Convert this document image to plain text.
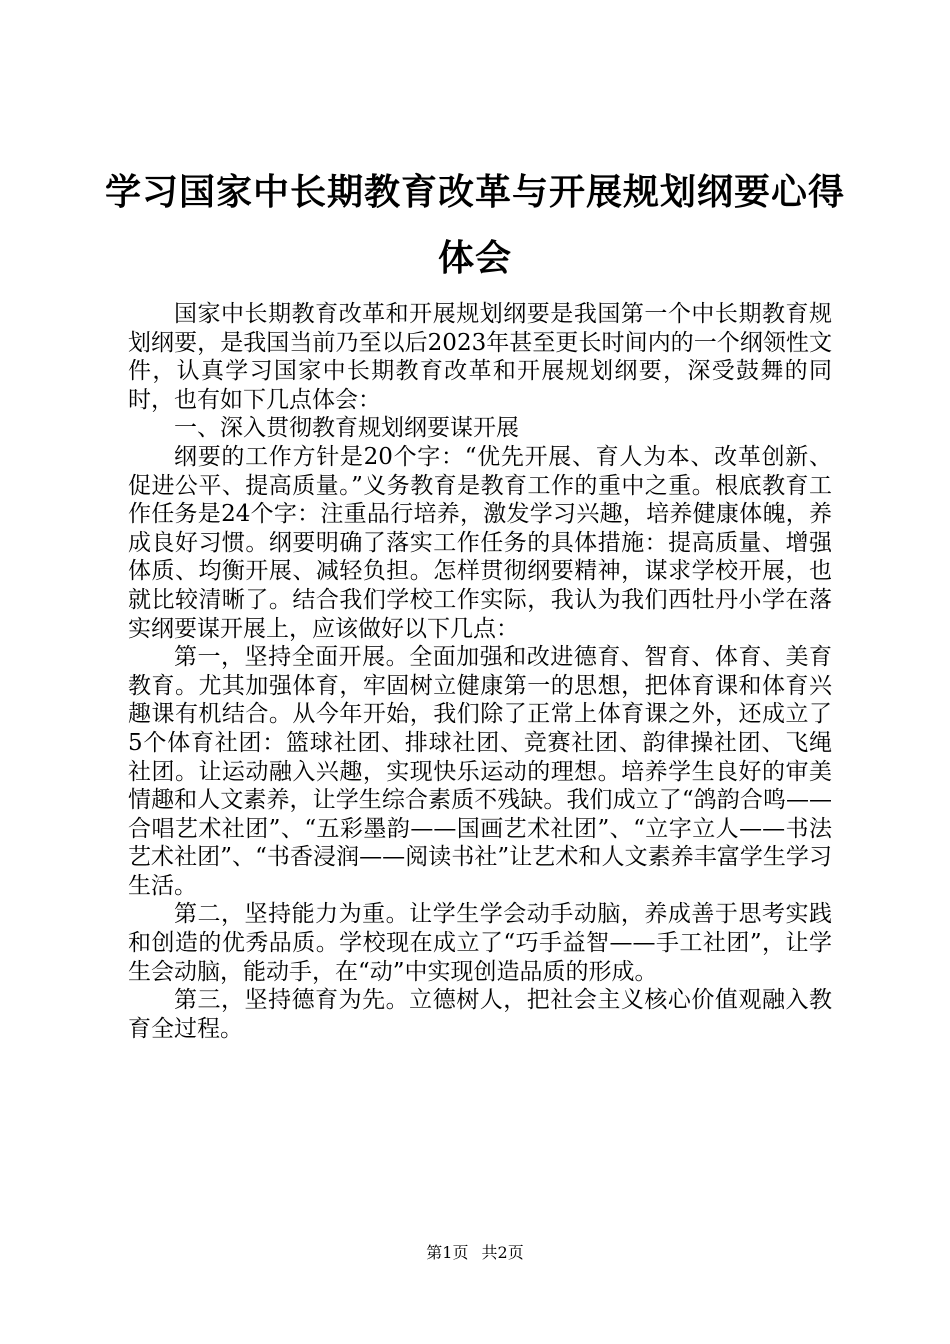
学习国家中长期教育改革与开展规划纲要心得体会

国家中长期教育改革和开展规划纲要是我国第一个中长期教育规划纲要，是我国当前乃至以后2023年甚至更长时间内的一个纲领性文件，认真学习国家中长期教育改革和开展规划纲要，深受鼓舞的同时，也有如下几点体会：

一、深入贯彻教育规划纲要谋开展

纲要的工作方针是20个字：“优先开展、育人为本、改革创新、促进公平、提高质量。”义务教育是教育工作的重中之重。根底教育工作任务是24个字：注重品行培养，激发学习兴趣，培养健康体魄，养成良好习惯。纲要明确了落实工作任务的具体措施：提高质量、增强体质、均衡开展、减轻负担。怎样贯彻纲要精神，谋求学校开展，也就比较清晰了。结合我们学校工作实际，我认为我们西牡丹小学在落实纲要谋开展上，应该做好以下几点：

第一，坚持全面开展。全面加强和改进德育、智育、体育、美育教育。尤其加强体育，牢固树立健康第一的思想，把体育课和体育兴趣课有机结合。从今年开始，我们除了正常上体育课之外，还成立了5个体育社团：篮球社团、排球社团、竞赛社团、韵律操社团、飞绳社团。让运动融入兴趣，实现快乐运动的理想。培养学生良好的审美情趣和人文素养，让学生综合素质不残缺。我们成立了“鸽韵合鸣——合唱艺术社团”、“五彩墨韵——国画艺术社团”、“立字立人——书法艺术社团”、“书香浸润——阅读书社”让艺术和人文素养丰富学生学习生活。

第二，坚持能力为重。让学生学会动手动脑，养成善于思考实践和创造的优秀品质。学校现在成立了“巧手益智——手工社团”，让学生会动脑，能动手，在“动”中实现创造品质的形成。

第三，坚持德育为先。立德树人，把社会主义核心价值观融入教育全过程。

第1页 共2页
